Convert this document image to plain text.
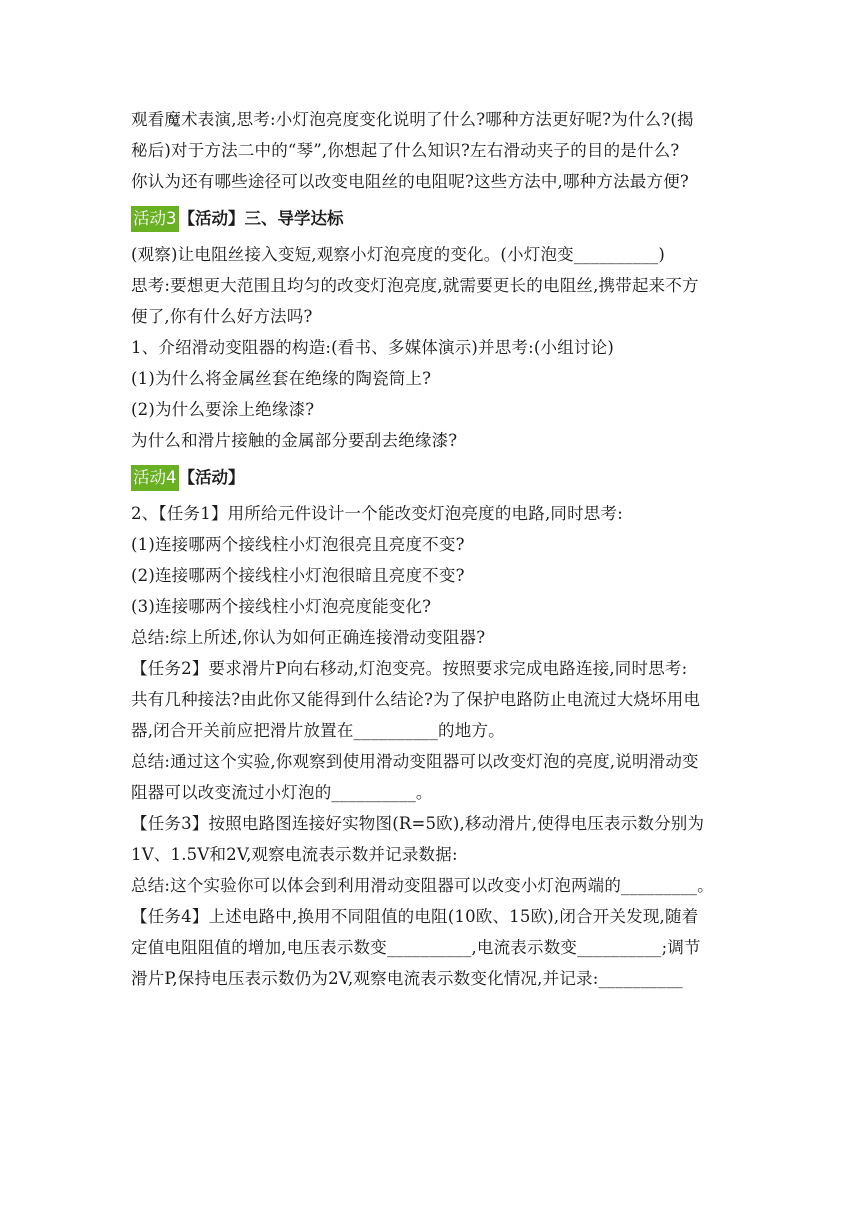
观看魔术表演,思考:小灯泡亮度变化说明了什么?哪种方法更好呢?为什么?(揭
秘后)对于方法二中的“琴”,你想起了什么知识?左右滑动夹子的目的是什么?
你认为还有哪些途径可以改变电阻丝的电阻呢?这些方法中,哪种方法最方便?
活动3 【活动】三、导学达标
(观察)让电阻丝接入变短,观察小灯泡亮度的变化。(小灯泡变__________)
思考:要想更大范围且均匀的改变灯泡亮度,就需要更长的电阻丝,携带起来不方
便了,你有什么好方法吗?
1、介绍滑动变阻器的构造:(看书、多媒体演示)并思考:(小组讨论)
(1)为什么将金属丝套在绝缘的陶瓷筒上?
(2)为什么要涂上绝缘漆?
为什么和滑片接触的金属部分要刮去绝缘漆?
活动4 【活动】
2、【任务1】用所给元件设计一个能改变灯泡亮度的电路,同时思考:
(1)连接哪两个接线柱小灯泡很亮且亮度不变?
(2)连接哪两个接线柱小灯泡很暗且亮度不变?
(3)连接哪两个接线柱小灯泡亮度能变化?
总结:综上所述,你认为如何正确连接滑动变阻器?
【任务2】要求滑片P向右移动,灯泡变亮。按照要求完成电路连接,同时思考:
共有几种接法?由此你又能得到什么结论?为了保护电路防止电流过大烧坏用电
器,闭合开关前应把滑片放置在__________的地方。
总结:通过这个实验,你观察到使用滑动变阻器可以改变灯泡的亮度,说明滑动变
阻器可以改变流过小灯泡的__________。
【任务3】按照电路图连接好实物图(R=5欧),移动滑片,使得电压表示数分别为
1V、1.5V和2V,观察电流表示数并记录数据:
总结:这个实验你可以体会到利用滑动变阻器可以改变小灯泡两端的_________。
【任务4】上述电路中,换用不同阻值的电阻(10欧、15欧),闭合开关发现,随着
定值电阻阻值的增加,电压表示数变__________,电流表示数变__________;调节
滑片P,保持电压表示数仍为2V,观察电流表示数变化情况,并记录:__________
